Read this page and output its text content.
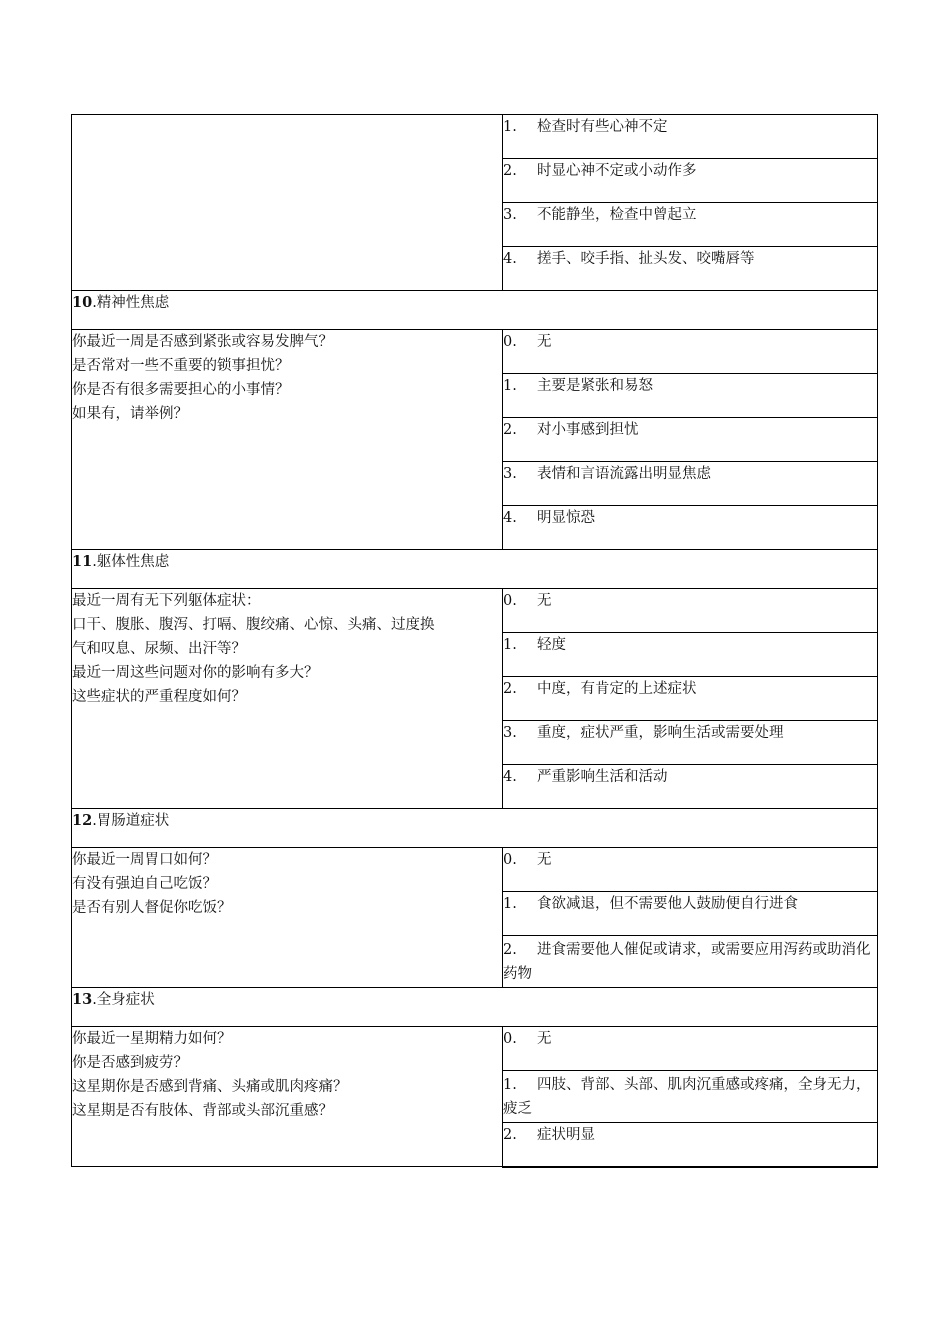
	1. 检查时有些心神不定
	2. 时显心神不定或小动作多
	3. 不能静坐，检查中曾起立
	4. 搓手、咬手指、扯头发、咬嘴唇等
10.精神性焦虑	

你最近一周是否感到紧张或容易发脾气？
是否常对一些不重要的锁事担忧？
你是否有很多需要担心的小事情？
如果有，请举例？	0. 无
	1. 主要是紧张和易怒
	2. 对小事感到担忧
	3. 表情和言语流露出明显焦虑
	4. 明显惊恐
11.躯体性焦虑	

最近一周有无下列躯体症状：
口干、腹胀、腹泻、打嗝、腹绞痛、心惊、头痛、过度换
气和叹息、尿频、出汗等？
最近一周这些问题对你的影响有多大？
这些症状的严重程度如何？	0. 无
	1. 轻度
	2. 中度，有肯定的上述症状
	3. 重度，症状严重，影响生活或需要处理
	4. 严重影响生活和活动
12.胃肠道症状	

你最近一周胃口如何？
有没有强迫自己吃饭？
是否有别人督促你吃饭？	0. 无
	1. 食欲减退，但不需要他人鼓励便自行进食
	2. 进食需要他人催促或请求，或需要应用泻药或助消化药物
13.全身症状	

你最近一星期精力如何？
你是否感到疲劳？
这星期你是否感到背痛、头痛或肌肉疼痛？
这星期是否有肢体、背部或头部沉重感？	0. 无
	1. 四肢、背部、头部、肌肉沉重感或疼痛，全身无力，疲乏
	2. 症状明显
